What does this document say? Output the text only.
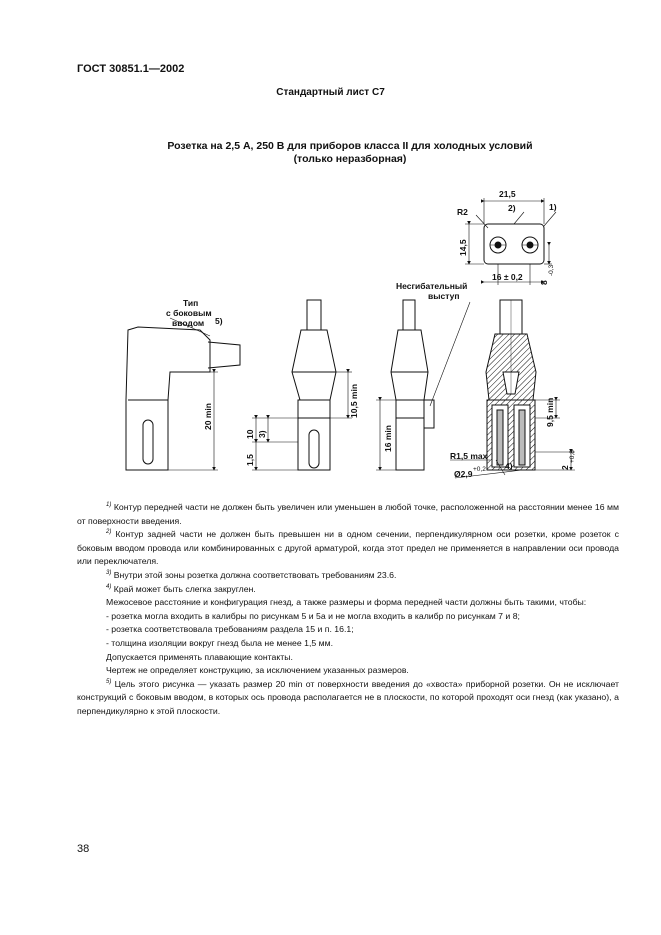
ГОСТ 30851.1—2002
Стандартный лист С7
Розетка на 2,5 А, 250 В для приборов класса II для холодных условий
(только неразборная)
Тип
с боковым
вводом 5)
20 min	10,5 min
10 3)
1,5
16 min
Несгибательный
выступ
21,5
2)	1)
R2
14,5
16 ± 0,2
8
-0,3
9,5 min
R1,5 max
4)
Ø2,9 +0,2	2
+0,8

$^{1)}$ Контур передней части не должен быть увеличен или уменьшен в любой точке, расположенной на расстоянии менее 16 мм от поверхности введения.

$^{2)}$ Контур задней части не должен быть превышен ни в одном сечении, перпендикулярном оси розетки, кроме розеток с боковым вводом провода или комбинированных с другой арматурой, когда этот предел не применяется в направлении оси провода или переключателя.

$^{3)}$ Внутри этой зоны розетка должна соответствовать требованиям 23.6.

$^{4)}$ Край может быть слегка закруглен.

Межосевое расстояние и конфигурация гнезд, а также размеры и форма передней части должны быть такими, чтобы:

- розетка могла входить в калибры по рисункам 5 и 5а и не могла входить в калибр по рисункам 7 и 8;

- розетка соответствовала требованиям раздела 15 и п. 16.1;

- толщина изоляции вокруг гнезд была не менее 1,5 мм.

Допускается применять плавающие контакты.

Чертеж не определяет конструкцию, за исключением указанных размеров.

$^{5)}$ Цель этого рисунка — указать размер 20 min от поверхности введения до «хвоста» приборной розетки. Он не исключает конструкций с боковым вводом, в которых ось провода располагается не в плоскости, по которой проходят оси гнезд (как указано), а перпендикулярно к этой плоскости.

38
